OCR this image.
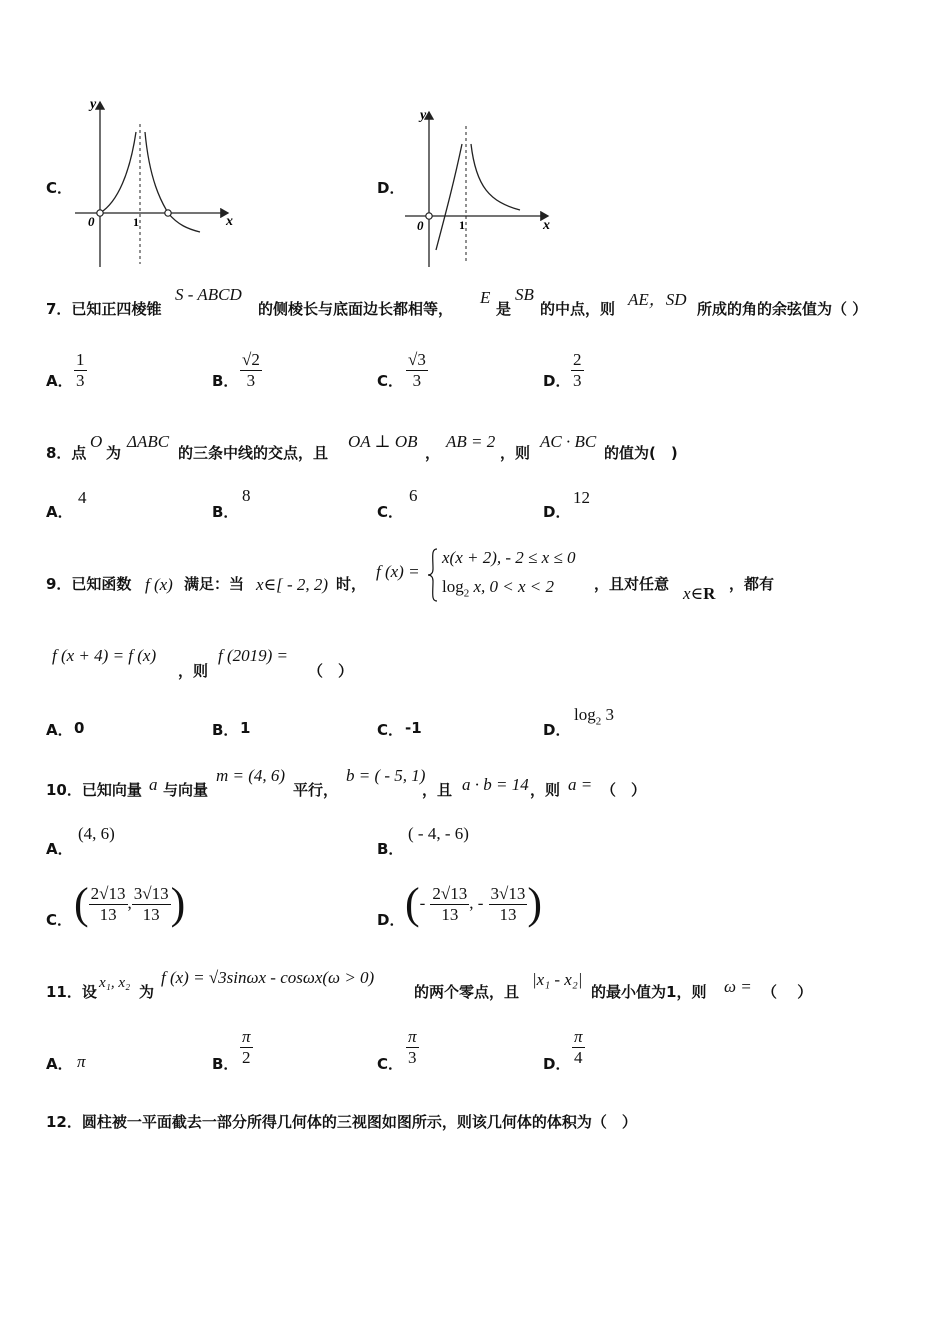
C．
y
x
0	1
D．
y
x
0	1
7．已知正四棱锥
S - ABCD
的侧棱长与底面边长都相等，
E
是
SB
的中点，则 AE，SD 所成的角的余弦值为（ ）
A． $\frac{1}{3}$	B． $\frac{√2}{3}$	C． $\frac{√3}{3}$	D． $\frac{2}{3}$
8．点
O
为
ΔABC
的三条中线的交点，且
OA ⊥ OB
，
AB = 2
，则
AC · BC
的值为(　)
A．
4
B．
8
C．
6
D．
12
9．已知函数 f (x) 满足：当 x∈[ - 2, 2) 时，
f (x) =
x(x + 2), - 2 ≤ x ≤ 0
$\log_2 x$, 0 < x < 2	，且对任意 x∈R ，都有
f (x + 4) = f (x)
，则
f (2019) =
（　）
A． 0	B． 1	C． -1	D．
$\log_2 3$
10．已知向量 a 与向量
m = (4, 6)
平行，
b = ( - 5, 1)
，且 a · b = 14 ，则 a = （　）
A．
(4, 6)
B．
( - 4, - 6)
C． ( $\frac{2√13}{13}$ , $\frac{3√13}{13}$ )	D． (- $\frac{2√13}{13}$ , - $\frac{3√13}{13}$ )
11．设 x₁, x₂ 为
f (x) = √3sinωx - cosωx(ω > 0)
的两个零点，且
|x₁ - x₂|
的最小值为1，则 ω = （　 ）
A． π	B． $\frac{\pi}{2}$	C． $\frac{\pi}{3}$	D． $\frac{\pi}{4}$
12．圆柱被一平面截去一部分所得几何体的三视图如图所示，则该几何体的体积为（　）
